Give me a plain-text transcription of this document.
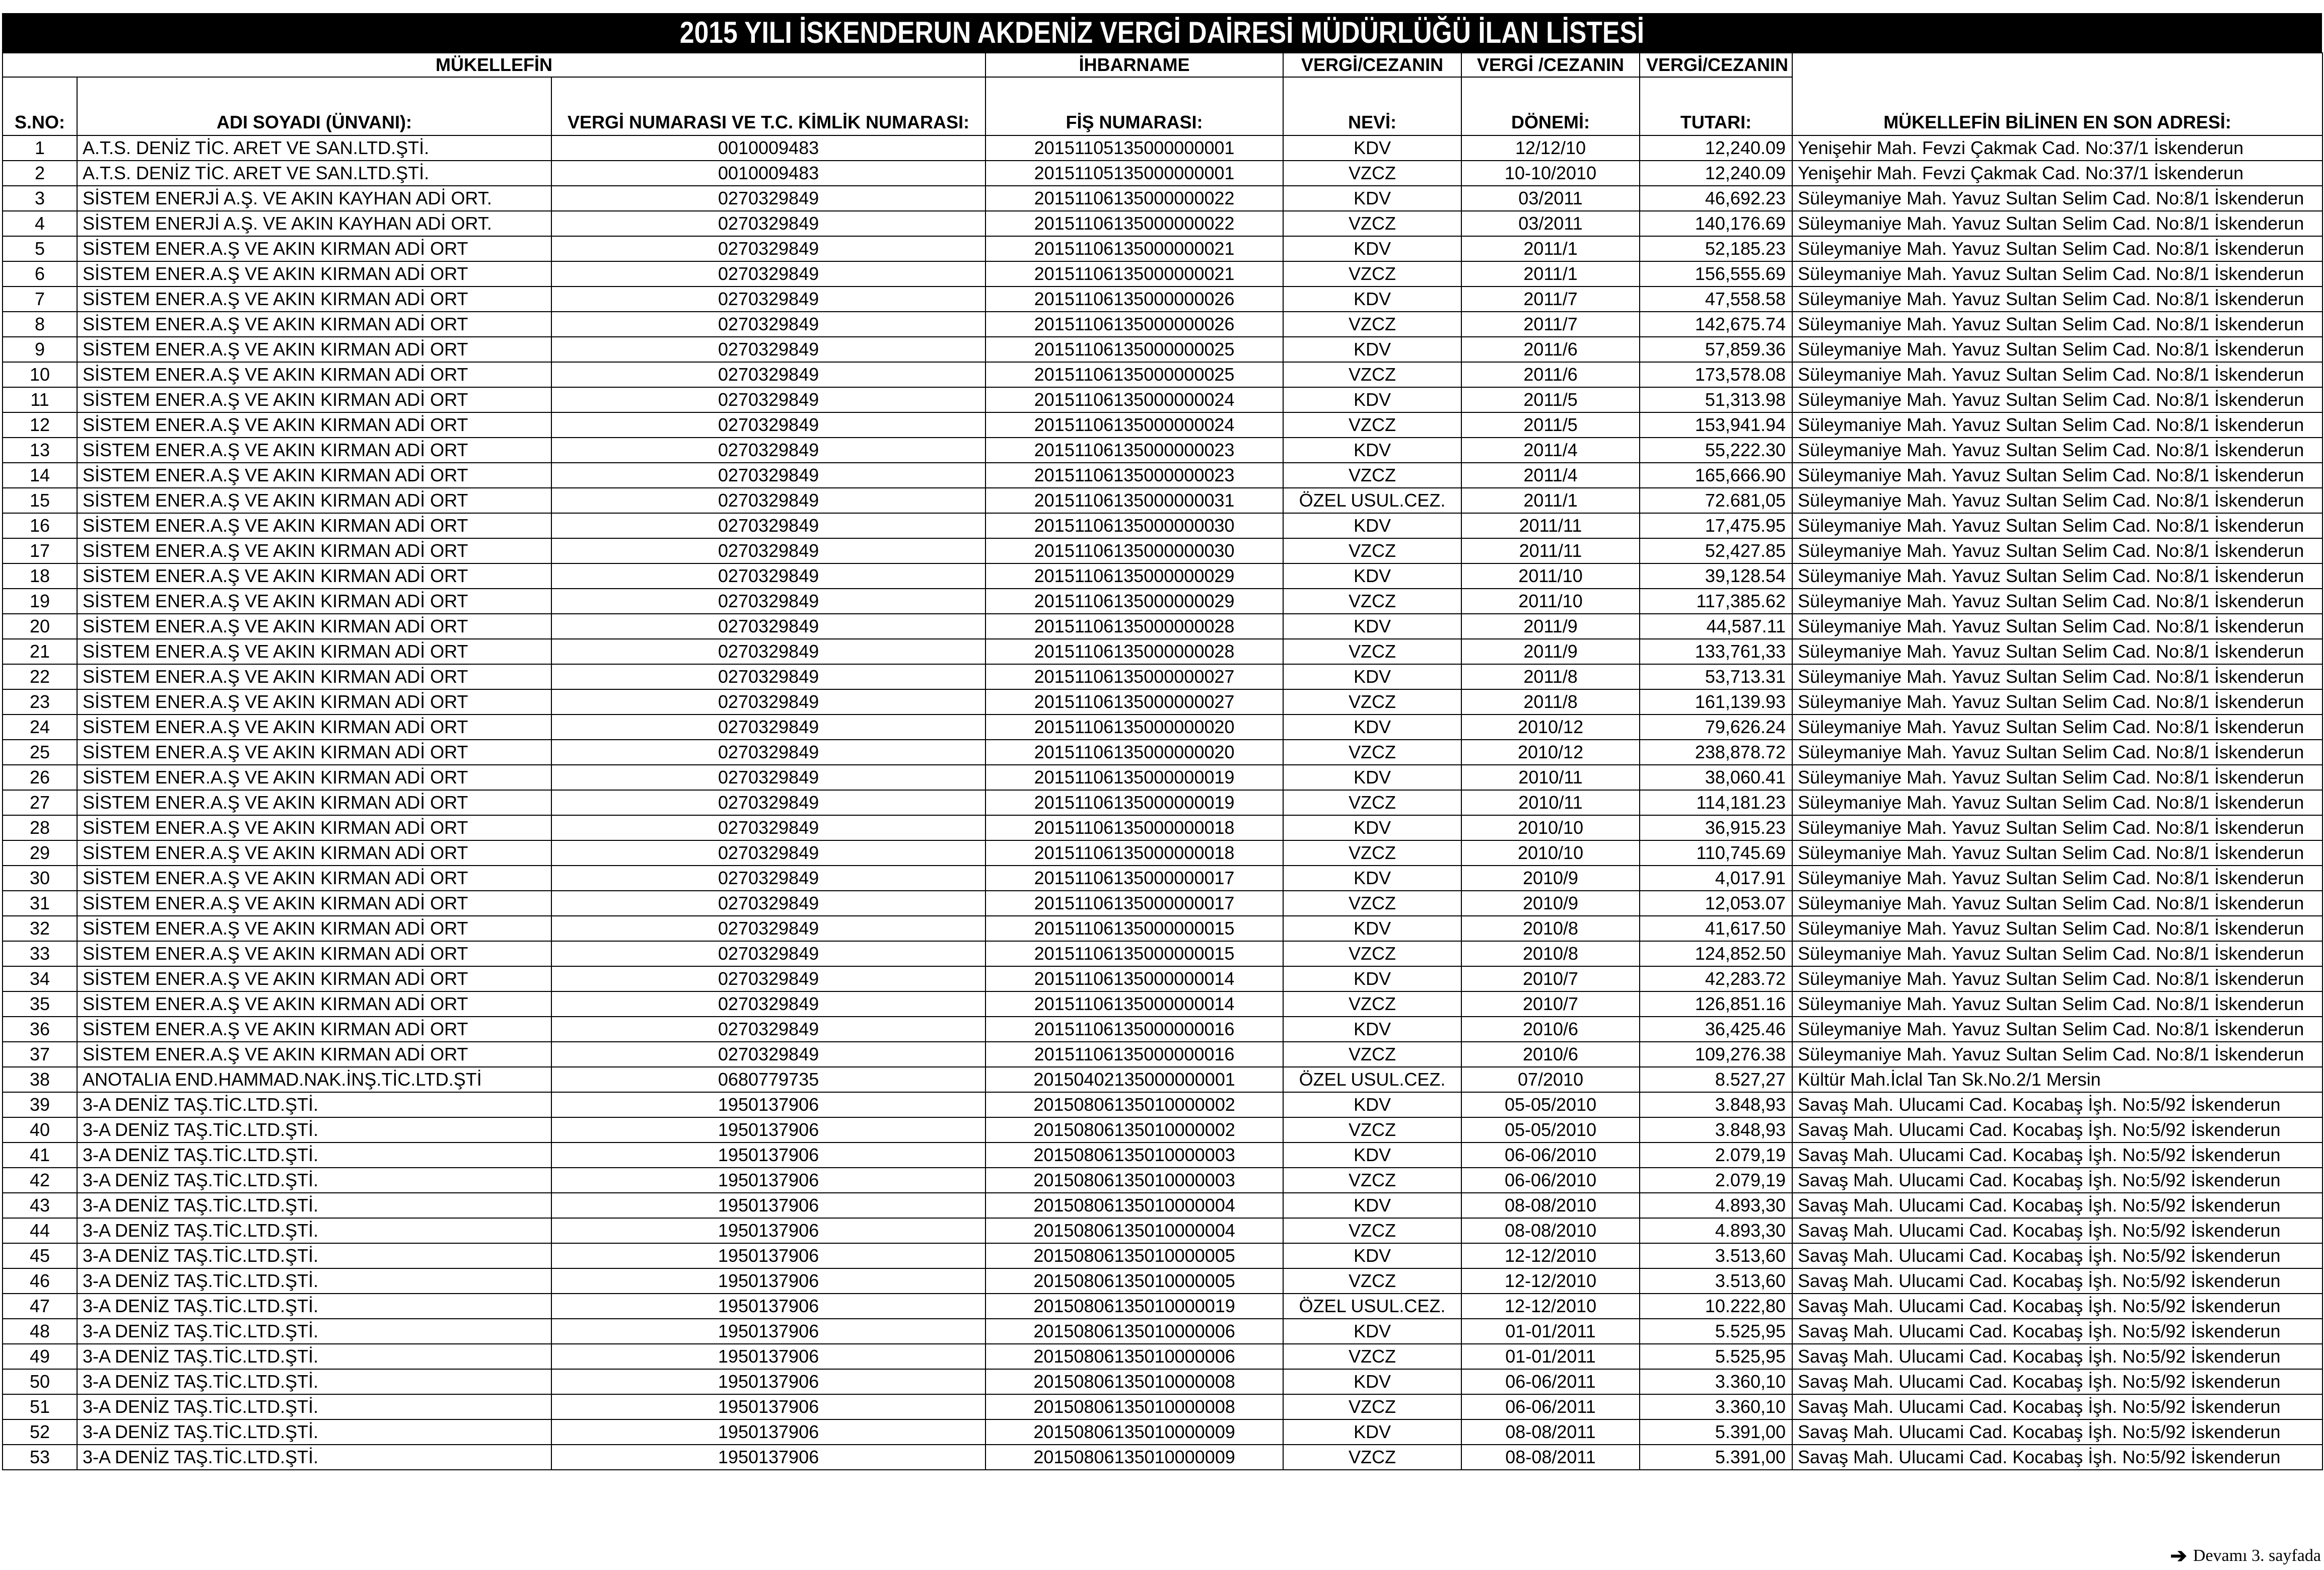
2015 YILI İSKENDERUN AKDENİZ VERGİ DAİRESİ MÜDÜRLÜĞÜ İLAN LİSTESİ
MÜKELLEFİN			İHBARNAME	VERGİ/CEZANIN	VERGİ /CEZANIN	VERGİ/CEZANIN	
S.NO:	ADI SOYADI (ÜNVANI):	VERGİ NUMARASI VE T.C. KİMLİK NUMARASI:	FİŞ NUMARASI:	NEVİ:	DÖNEMİ:	TUTARI:	MÜKELLEFİN BİLİNEN EN SON ADRESİ:
1	A.T.S. DENİZ TİC. ARET VE SAN.LTD.ŞTİ.	0010009483	20151105135000000001	KDV	12/12/10	12,240.09	Yenişehir Mah. Fevzi Çakmak Cad. No:37/1 İskenderun
2	A.T.S. DENİZ TİC. ARET VE SAN.LTD.ŞTİ.	0010009483	20151105135000000001	VZCZ	10-10/2010	12,240.09	Yenişehir Mah. Fevzi Çakmak Cad. No:37/1 İskenderun
3	SİSTEM ENERJİ A.Ş. VE AKIN KAYHAN ADİ ORT.	0270329849	20151106135000000022	KDV	03/2011	46,692.23	Süleymaniye Mah. Yavuz Sultan Selim Cad. No:8/1 İskenderun
4	SİSTEM ENERJİ A.Ş. VE AKIN KAYHAN ADİ ORT.	0270329849	20151106135000000022	VZCZ	03/2011	140,176.69	Süleymaniye Mah. Yavuz Sultan Selim Cad. No:8/1 İskenderun
5	SİSTEM ENER.A.Ş VE AKIN KIRMAN ADİ ORT	0270329849	20151106135000000021	KDV	2011/1	52,185.23	Süleymaniye Mah. Yavuz Sultan Selim Cad. No:8/1 İskenderun
6	SİSTEM ENER.A.Ş VE AKIN KIRMAN ADİ ORT	0270329849	20151106135000000021	VZCZ	2011/1	156,555.69	Süleymaniye Mah. Yavuz Sultan Selim Cad. No:8/1 İskenderun
7	SİSTEM ENER.A.Ş VE AKIN KIRMAN ADİ ORT	0270329849	20151106135000000026	KDV	2011/7	47,558.58	Süleymaniye Mah. Yavuz Sultan Selim Cad. No:8/1 İskenderun
8	SİSTEM ENER.A.Ş VE AKIN KIRMAN ADİ ORT	0270329849	20151106135000000026	VZCZ	2011/7	142,675.74	Süleymaniye Mah. Yavuz Sultan Selim Cad. No:8/1 İskenderun
9	SİSTEM ENER.A.Ş VE AKIN KIRMAN ADİ ORT	0270329849	20151106135000000025	KDV	2011/6	57,859.36	Süleymaniye Mah. Yavuz Sultan Selim Cad. No:8/1 İskenderun
10	SİSTEM ENER.A.Ş VE AKIN KIRMAN ADİ ORT	0270329849	20151106135000000025	VZCZ	2011/6	173,578.08	Süleymaniye Mah. Yavuz Sultan Selim Cad. No:8/1 İskenderun
11	SİSTEM ENER.A.Ş VE AKIN KIRMAN ADİ ORT	0270329849	20151106135000000024	KDV	2011/5	51,313.98	Süleymaniye Mah. Yavuz Sultan Selim Cad. No:8/1 İskenderun
12	SİSTEM ENER.A.Ş VE AKIN KIRMAN ADİ ORT	0270329849	20151106135000000024	VZCZ	2011/5	153,941.94	Süleymaniye Mah. Yavuz Sultan Selim Cad. No:8/1 İskenderun
13	SİSTEM ENER.A.Ş VE AKIN KIRMAN ADİ ORT	0270329849	20151106135000000023	KDV	2011/4	55,222.30	Süleymaniye Mah. Yavuz Sultan Selim Cad. No:8/1 İskenderun
14	SİSTEM ENER.A.Ş VE AKIN KIRMAN ADİ ORT	0270329849	20151106135000000023	VZCZ	2011/4	165,666.90	Süleymaniye Mah. Yavuz Sultan Selim Cad. No:8/1 İskenderun
15	SİSTEM ENER.A.Ş VE AKIN KIRMAN ADİ ORT	0270329849	20151106135000000031	ÖZEL USUL.CEZ.	2011/1	72.681,05	Süleymaniye Mah. Yavuz Sultan Selim Cad. No:8/1 İskenderun
16	SİSTEM ENER.A.Ş VE AKIN KIRMAN ADİ ORT	0270329849	20151106135000000030	KDV	2011/11	17,475.95	Süleymaniye Mah. Yavuz Sultan Selim Cad. No:8/1 İskenderun
17	SİSTEM ENER.A.Ş VE AKIN KIRMAN ADİ ORT	0270329849	20151106135000000030	VZCZ	2011/11	52,427.85	Süleymaniye Mah. Yavuz Sultan Selim Cad. No:8/1 İskenderun
18	SİSTEM ENER.A.Ş VE AKIN KIRMAN ADİ ORT	0270329849	20151106135000000029	KDV	2011/10	39,128.54	Süleymaniye Mah. Yavuz Sultan Selim Cad. No:8/1 İskenderun
19	SİSTEM ENER.A.Ş VE AKIN KIRMAN ADİ ORT	0270329849	20151106135000000029	VZCZ	2011/10	117,385.62	Süleymaniye Mah. Yavuz Sultan Selim Cad. No:8/1 İskenderun
20	SİSTEM ENER.A.Ş VE AKIN KIRMAN ADİ ORT	0270329849	20151106135000000028	KDV	2011/9	44,587.11	Süleymaniye Mah. Yavuz Sultan Selim Cad. No:8/1 İskenderun
21	SİSTEM ENER.A.Ş VE AKIN KIRMAN ADİ ORT	0270329849	20151106135000000028	VZCZ	2011/9	133,761,33	Süleymaniye Mah. Yavuz Sultan Selim Cad. No:8/1 İskenderun
22	SİSTEM ENER.A.Ş VE AKIN KIRMAN ADİ ORT	0270329849	20151106135000000027	KDV	2011/8	53,713.31	Süleymaniye Mah. Yavuz Sultan Selim Cad. No:8/1 İskenderun
23	SİSTEM ENER.A.Ş VE AKIN KIRMAN ADİ ORT	0270329849	20151106135000000027	VZCZ	2011/8	161,139.93	Süleymaniye Mah. Yavuz Sultan Selim Cad. No:8/1 İskenderun
24	SİSTEM ENER.A.Ş VE AKIN KIRMAN ADİ ORT	0270329849	20151106135000000020	KDV	2010/12	79,626.24	Süleymaniye Mah. Yavuz Sultan Selim Cad. No:8/1 İskenderun
25	SİSTEM ENER.A.Ş VE AKIN KIRMAN ADİ ORT	0270329849	20151106135000000020	VZCZ	2010/12	238,878.72	Süleymaniye Mah. Yavuz Sultan Selim Cad. No:8/1 İskenderun
26	SİSTEM ENER.A.Ş VE AKIN KIRMAN ADİ ORT	0270329849	20151106135000000019	KDV	2010/11	38,060.41	Süleymaniye Mah. Yavuz Sultan Selim Cad. No:8/1 İskenderun
27	SİSTEM ENER.A.Ş VE AKIN KIRMAN ADİ ORT	0270329849	20151106135000000019	VZCZ	2010/11	114,181.23	Süleymaniye Mah. Yavuz Sultan Selim Cad. No:8/1 İskenderun
28	SİSTEM ENER.A.Ş VE AKIN KIRMAN ADİ ORT	0270329849	20151106135000000018	KDV	2010/10	36,915.23	Süleymaniye Mah. Yavuz Sultan Selim Cad. No:8/1 İskenderun
29	SİSTEM ENER.A.Ş VE AKIN KIRMAN ADİ ORT	0270329849	20151106135000000018	VZCZ	2010/10	110,745.69	Süleymaniye Mah. Yavuz Sultan Selim Cad. No:8/1 İskenderun
30	SİSTEM ENER.A.Ş VE AKIN KIRMAN ADİ ORT	0270329849	20151106135000000017	KDV	2010/9	4,017.91	Süleymaniye Mah. Yavuz Sultan Selim Cad. No:8/1 İskenderun
31	SİSTEM ENER.A.Ş VE AKIN KIRMAN ADİ ORT	0270329849	20151106135000000017	VZCZ	2010/9	12,053.07	Süleymaniye Mah. Yavuz Sultan Selim Cad. No:8/1 İskenderun
32	SİSTEM ENER.A.Ş VE AKIN KIRMAN ADİ ORT	0270329849	20151106135000000015	KDV	2010/8	41,617.50	Süleymaniye Mah. Yavuz Sultan Selim Cad. No:8/1 İskenderun
33	SİSTEM ENER.A.Ş VE AKIN KIRMAN ADİ ORT	0270329849	20151106135000000015	VZCZ	2010/8	124,852.50	Süleymaniye Mah. Yavuz Sultan Selim Cad. No:8/1 İskenderun
34	SİSTEM ENER.A.Ş VE AKIN KIRMAN ADİ ORT	0270329849	20151106135000000014	KDV	2010/7	42,283.72	Süleymaniye Mah. Yavuz Sultan Selim Cad. No:8/1 İskenderun
35	SİSTEM ENER.A.Ş VE AKIN KIRMAN ADİ ORT	0270329849	20151106135000000014	VZCZ	2010/7	126,851.16	Süleymaniye Mah. Yavuz Sultan Selim Cad. No:8/1 İskenderun
36	SİSTEM ENER.A.Ş VE AKIN KIRMAN ADİ ORT	0270329849	20151106135000000016	KDV	2010/6	36,425.46	Süleymaniye Mah. Yavuz Sultan Selim Cad. No:8/1 İskenderun
37	SİSTEM ENER.A.Ş VE AKIN KIRMAN ADİ ORT	0270329849	20151106135000000016	VZCZ	2010/6	109,276.38	Süleymaniye Mah. Yavuz Sultan Selim Cad. No:8/1 İskenderun
38	ANOTALIA END.HAMMAD.NAK.İNŞ.TİC.LTD.ŞTİ	0680779735	20150402135000000001	ÖZEL USUL.CEZ.	07/2010	8.527,27	Kültür Mah.İclal Tan Sk.No.2/1 Mersin
39	3-A DENİZ TAŞ.TİC.LTD.ŞTİ.	1950137906	20150806135010000002	KDV	05-05/2010	3.848,93	Savaş Mah. Ulucami Cad. Kocabaş İşh. No:5/92 İskenderun
40	3-A DENİZ TAŞ.TİC.LTD.ŞTİ.	1950137906	20150806135010000002	VZCZ	05-05/2010	3.848,93	Savaş Mah. Ulucami Cad. Kocabaş İşh. No:5/92 İskenderun
41	3-A DENİZ TAŞ.TİC.LTD.ŞTİ.	1950137906	20150806135010000003	KDV	06-06/2010	2.079,19	Savaş Mah. Ulucami Cad. Kocabaş İşh. No:5/92 İskenderun
42	3-A DENİZ TAŞ.TİC.LTD.ŞTİ.	1950137906	20150806135010000003	VZCZ	06-06/2010	2.079,19	Savaş Mah. Ulucami Cad. Kocabaş İşh. No:5/92 İskenderun
43	3-A DENİZ TAŞ.TİC.LTD.ŞTİ.	1950137906	20150806135010000004	KDV	08-08/2010	4.893,30	Savaş Mah. Ulucami Cad. Kocabaş İşh. No:5/92 İskenderun
44	3-A DENİZ TAŞ.TİC.LTD.ŞTİ.	1950137906	20150806135010000004	VZCZ	08-08/2010	4.893,30	Savaş Mah. Ulucami Cad. Kocabaş İşh. No:5/92 İskenderun
45	3-A DENİZ TAŞ.TİC.LTD.ŞTİ.	1950137906	20150806135010000005	KDV	12-12/2010	3.513,60	Savaş Mah. Ulucami Cad. Kocabaş İşh. No:5/92 İskenderun
46	3-A DENİZ TAŞ.TİC.LTD.ŞTİ.	1950137906	20150806135010000005	VZCZ	12-12/2010	3.513,60	Savaş Mah. Ulucami Cad. Kocabaş İşh. No:5/92 İskenderun
47	3-A DENİZ TAŞ.TİC.LTD.ŞTİ.	1950137906	20150806135010000019	ÖZEL USUL.CEZ.	12-12/2010	10.222,80	Savaş Mah. Ulucami Cad. Kocabaş İşh. No:5/92 İskenderun
48	3-A DENİZ TAŞ.TİC.LTD.ŞTİ.	1950137906	20150806135010000006	KDV	01-01/2011	5.525,95	Savaş Mah. Ulucami Cad. Kocabaş İşh. No:5/92 İskenderun
49	3-A DENİZ TAŞ.TİC.LTD.ŞTİ.	1950137906	20150806135010000006	VZCZ	01-01/2011	5.525,95	Savaş Mah. Ulucami Cad. Kocabaş İşh. No:5/92 İskenderun
50	3-A DENİZ TAŞ.TİC.LTD.ŞTİ.	1950137906	20150806135010000008	KDV	06-06/2011	3.360,10	Savaş Mah. Ulucami Cad. Kocabaş İşh. No:5/92 İskenderun
51	3-A DENİZ TAŞ.TİC.LTD.ŞTİ.	1950137906	20150806135010000008	VZCZ	06-06/2011	3.360,10	Savaş Mah. Ulucami Cad. Kocabaş İşh. No:5/92 İskenderun
52	3-A DENİZ TAŞ.TİC.LTD.ŞTİ.	1950137906	20150806135010000009	KDV	08-08/2011	5.391,00	Savaş Mah. Ulucami Cad. Kocabaş İşh. No:5/92 İskenderun
53	3-A DENİZ TAŞ.TİC.LTD.ŞTİ.	1950137906	20150806135010000009	VZCZ	08-08/2011	5.391,00	Savaş Mah. Ulucami Cad. Kocabaş İşh. No:5/92 İskenderun
➔ Devamı 3. sayfada
